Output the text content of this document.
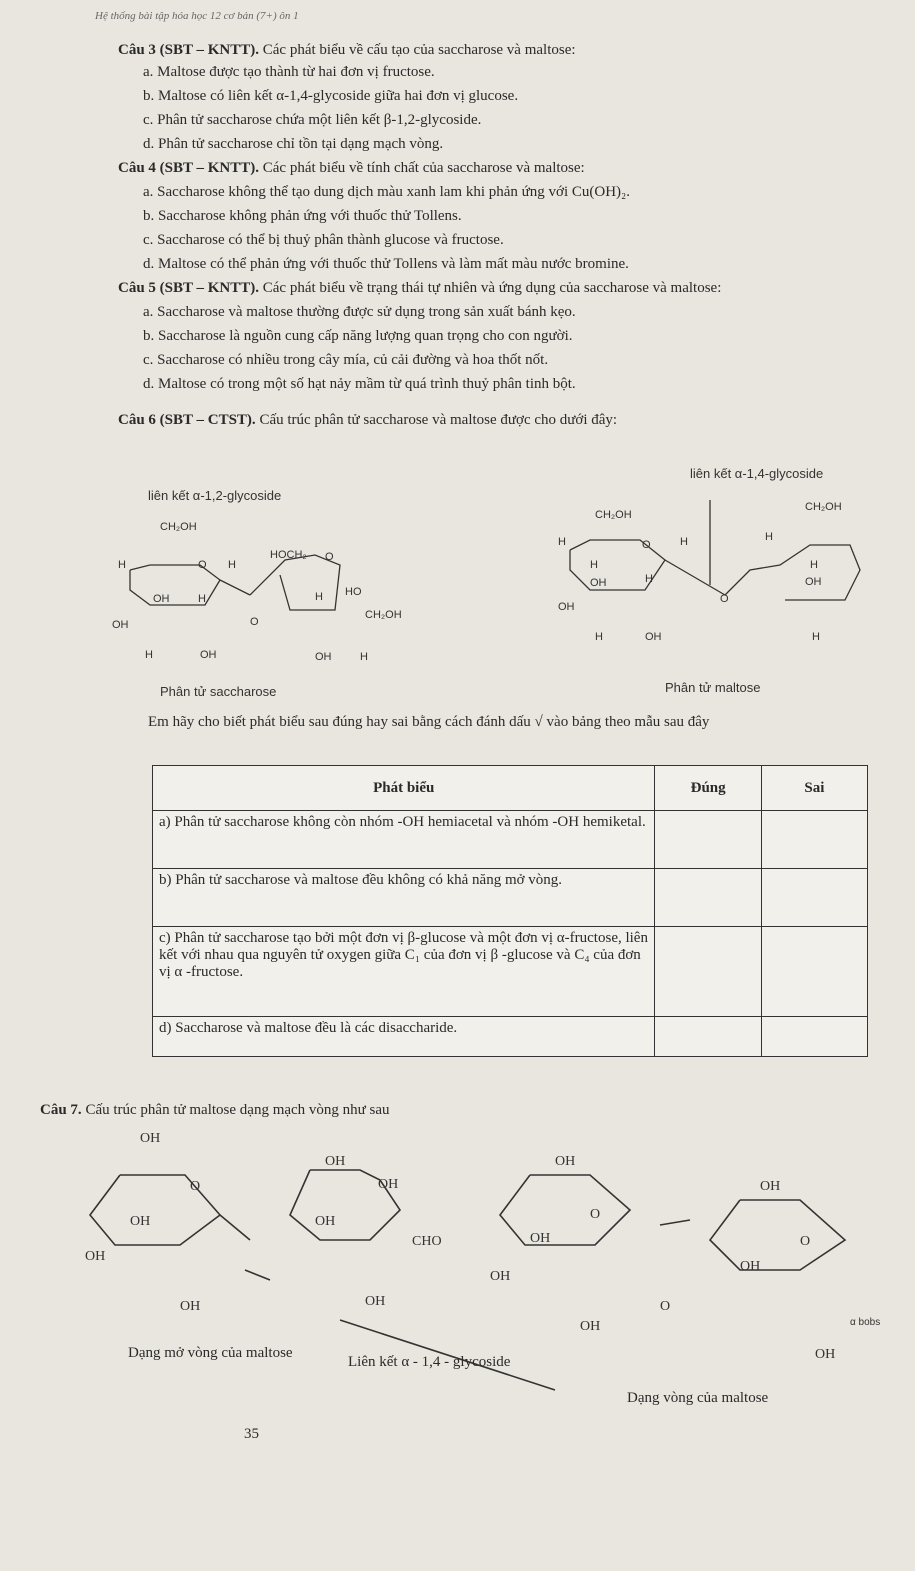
Hệ thống bài tập hóa học 12 cơ bản (7+) ôn 1
Câu 3 (SBT – KNTT). Các phát biểu về cấu tạo của saccharose và maltose:
a. Maltose được tạo thành từ hai đơn vị fructose.
b. Maltose có liên kết α-1,4-glycoside giữa hai đơn vị glucose.
c. Phân tử saccharose chứa một liên kết β-1,2-glycoside.
d. Phân tử saccharose chỉ tồn tại dạng mạch vòng.
Câu 4 (SBT – KNTT). Các phát biểu về tính chất của saccharose và maltose:
a. Saccharose không thể tạo dung dịch màu xanh lam khi phản ứng với Cu(OH)₂.
b. Saccharose không phản ứng với thuốc thử Tollens.
c. Saccharose có thể bị thuỷ phân thành glucose và fructose.
d. Maltose có thể phản ứng với thuốc thử Tollens và làm mất màu nước bromine.
Câu 5 (SBT – KNTT). Các phát biểu về trạng thái tự nhiên và ứng dụng của saccharose và maltose:
a. Saccharose và maltose thường được sử dụng trong sản xuất bánh kẹo.
b. Saccharose là nguồn cung cấp năng lượng quan trọng cho con người.
c. Saccharose có nhiều trong cây mía, củ cải đường và hoa thốt nốt.
d. Maltose có trong một số hạt nảy mầm từ quá trình thuỷ phân tinh bột.
Câu 6 (SBT – CTST). Cấu trúc phân tử saccharose và maltose được cho dưới đây:
liên kết α-1,2-glycoside
CH₂OH
H	O H
OH	H
OH
H	OH
O
HOCH₂ O
H HO
CH₂OH
OH	H
Phân tử saccharose
liên kết α-1,4-glycoside
CH₂OH
H	O	H
H
OH	H
OH
H	OH
O
CH₂OH
H
H
OH
H
Phân tử maltose
Em hãy cho biết phát biểu sau đúng hay sai bằng cách đánh dấu √ vào bảng theo mẫu sau đây
Phát biểu	Đúng	Sai
a) Phân tử saccharose không còn nhóm -OH hemiacetal và nhóm -OH hemiketal.		
b) Phân tử saccharose và maltose đều không có khả năng mở vòng.		
c) Phân tử saccharose tạo bởi một đơn vị β-glucose và một đơn vị α-fructose, liên kết với nhau qua nguyên tử oxygen giữa C₁ của đơn vị β -glucose và C₄ của đơn vị α -fructose.		
d) Saccharose và maltose đều là các disaccharide.		
Câu 7. Cấu trúc phân tử maltose dạng mạch vòng như sau
OH
O
OH
OH
OH
OH
OH
OH
CHO
OH
OH
O
OH
OH
OH
O
OH
O
OH
OH
α bobs
Dạng mở vòng của maltose
Liên kết α - 1,4 - glycoside
Dạng vòng của maltose
35
